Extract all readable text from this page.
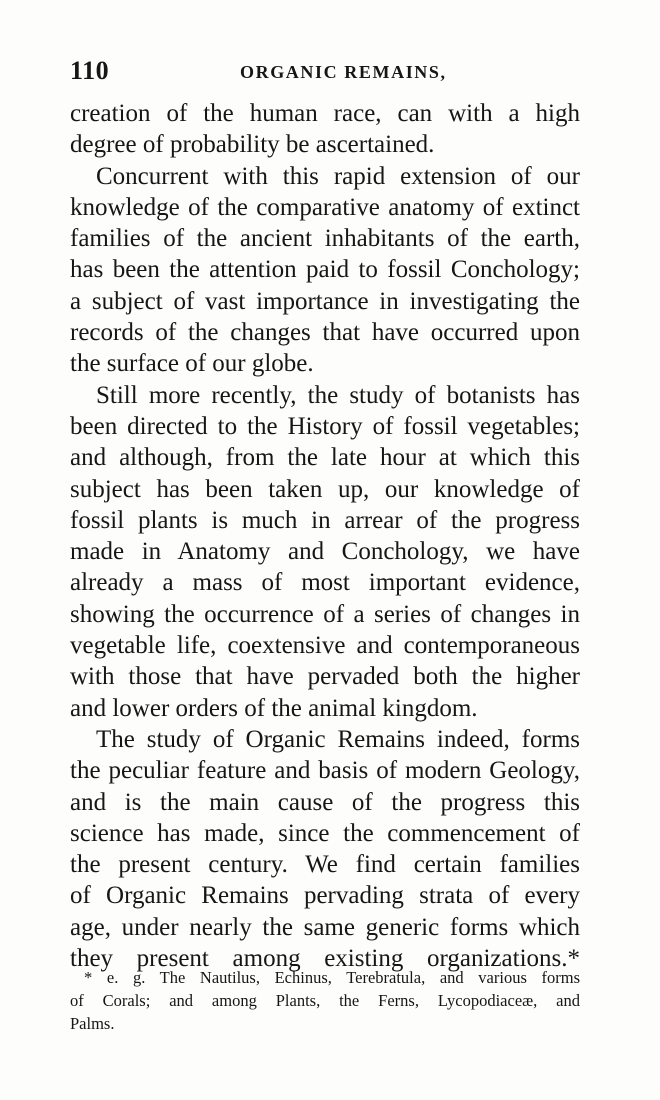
110	ORGANIC REMAINS,
creation of the human race, can with a high
degree of probability be ascertained.
Concurrent with this rapid extension of our
knowledge of the comparative anatomy of extinct
families of the ancient inhabitants of the earth,
has been the attention paid to fossil Conchology;
a subject of vast importance in investigating the
records of the changes that have occurred upon
the surface of our globe.
Still more recently, the study of botanists has
been directed to the History of fossil vegetables;
and although, from the late hour at which this
subject has been taken up, our knowledge of
fossil plants is much in arrear of the progress
made in Anatomy and Conchology, we have
already a mass of most important evidence,
showing the occurrence of a series of changes in
vegetable life, coextensive and contemporaneous
with those that have pervaded both the higher
and lower orders of the animal kingdom.
The study of Organic Remains indeed, forms
the peculiar feature and basis of modern Geology,
and is the main cause of the progress this
science has made, since the commencement of
the present century. We find certain families
of Organic Remains pervading strata of every
age, under nearly the same generic forms which
they present among existing organizations.*
* e. g. The Nautilus, Echinus, Terebratula, and various forms
of Corals; and among Plants, the Ferns, Lycopodiaceæ, and
Palms.
